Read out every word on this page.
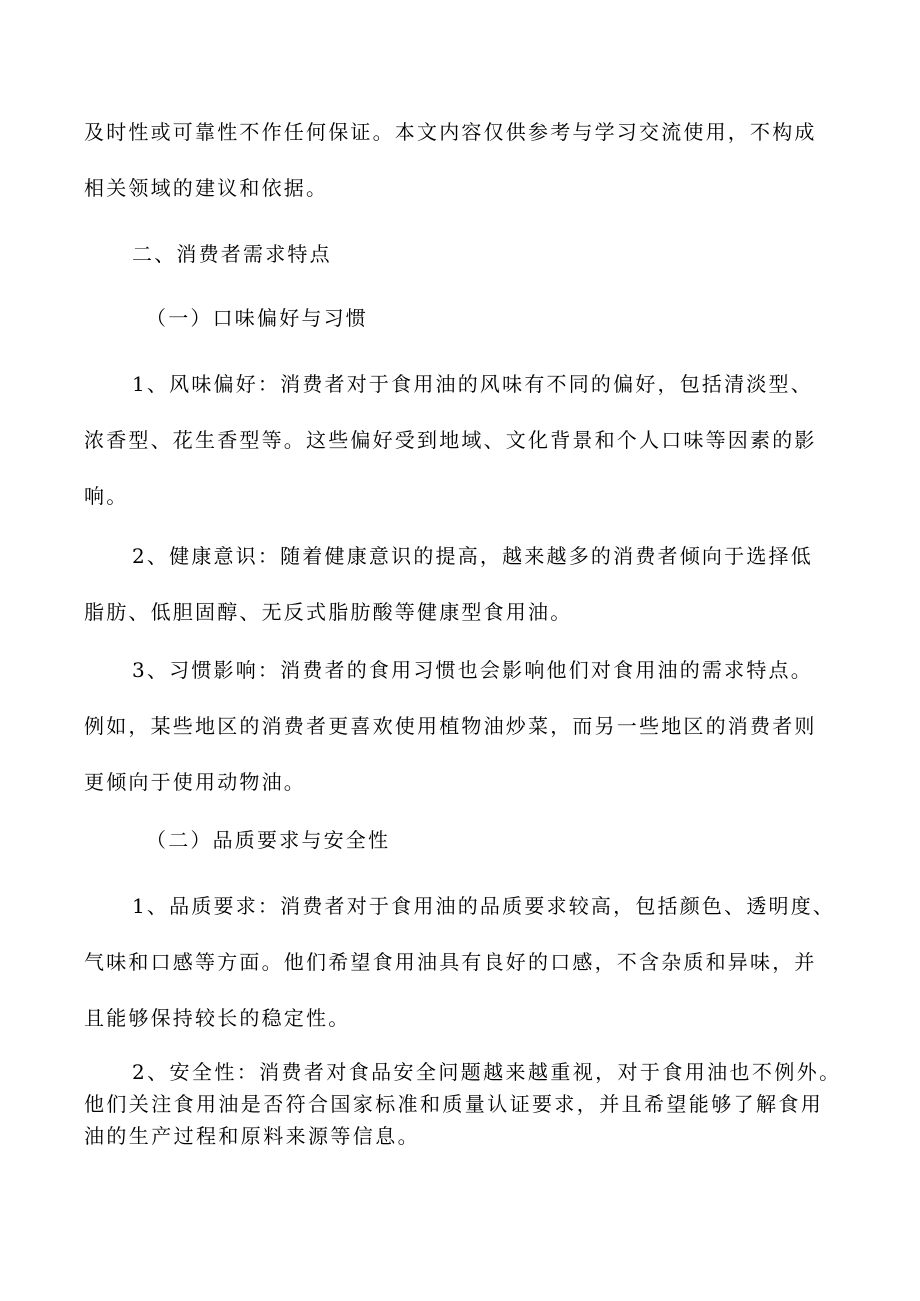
及时性或可靠性不作任何保证。本文内容仅供参考与学习交流使用，不构成
相关领域的建议和依据。

二、消费者需求特点

（一）口味偏好与习惯

1、风味偏好：消费者对于食用油的风味有不同的偏好，包括清淡型、
浓香型、花生香型等。这些偏好受到地域、文化背景和个人口味等因素的影
响。

2、健康意识：随着健康意识的提高，越来越多的消费者倾向于选择低
脂肪、低胆固醇、无反式脂肪酸等健康型食用油。

3、习惯影响：消费者的食用习惯也会影响他们对食用油的需求特点。
例如，某些地区的消费者更喜欢使用植物油炒菜，而另一些地区的消费者则
更倾向于使用动物油。

（二）品质要求与安全性

1、品质要求：消费者对于食用油的品质要求较高，包括颜色、透明度、
气味和口感等方面。他们希望食用油具有良好的口感，不含杂质和异味，并
且能够保持较长的稳定性。

2、安全性：消费者对食品安全问题越来越重视，对于食用油也不例外。
他们关注食用油是否符合国家标准和质量认证要求，并且希望能够了解食用
油的生产过程和原料来源等信息。
